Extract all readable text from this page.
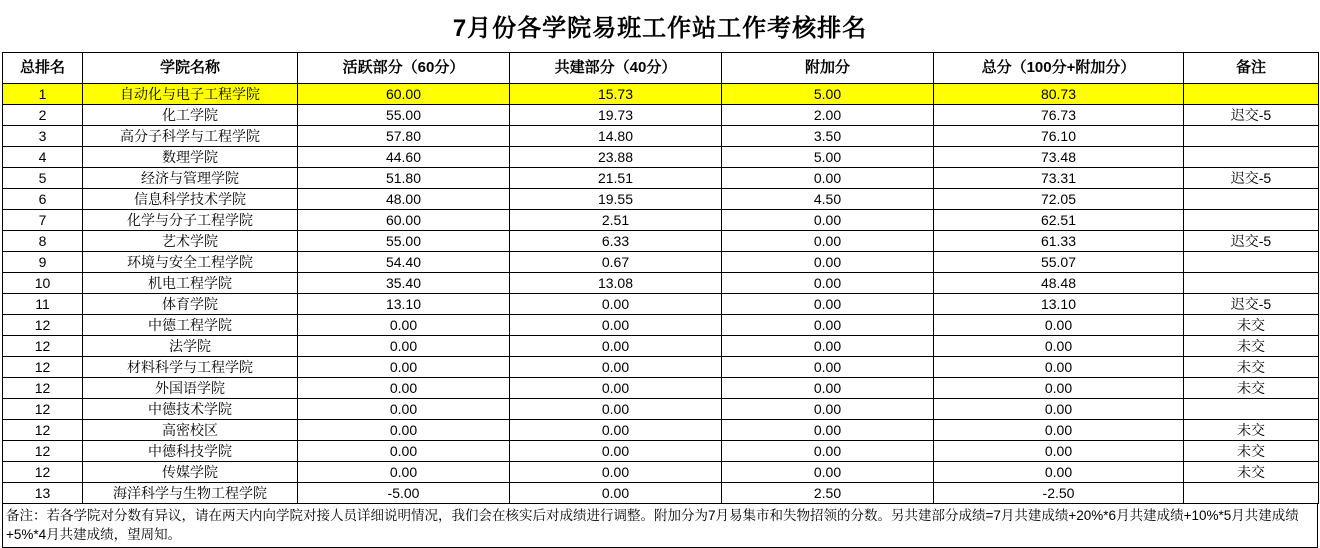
7月份各学院易班工作站工作考核排名
总排名	学院名称	活跃部分（60分）	共建部分（40分）	附加分	总分（100分+附加分）	备注
1	自动化与电子工程学院	60.00	15.73	5.00	80.73	
2	化工学院	55.00	19.73	2.00	76.73	迟交-5
3	高分子科学与工程学院	57.80	14.80	3.50	76.10	
4	数理学院	44.60	23.88	5.00	73.48	
5	经济与管理学院	51.80	21.51	0.00	73.31	迟交-5
6	信息科学技术学院	48.00	19.55	4.50	72.05	
7	化学与分子工程学院	60.00	2.51	0.00	62.51	
8	艺术学院	55.00	6.33	0.00	61.33	迟交-5
9	环境与安全工程学院	54.40	0.67	0.00	55.07	
10	机电工程学院	35.40	13.08	0.00	48.48	
11	体育学院	13.10	0.00	0.00	13.10	迟交-5
12	中德工程学院	0.00	0.00	0.00	0.00	未交
12	法学院	0.00	0.00	0.00	0.00	未交
12	材料科学与工程学院	0.00	0.00	0.00	0.00	未交
12	外国语学院	0.00	0.00	0.00	0.00	未交
12	中德技术学院	0.00	0.00	0.00	0.00	
12	高密校区	0.00	0.00	0.00	0.00	未交
12	中德科技学院	0.00	0.00	0.00	0.00	未交
12	传媒学院	0.00	0.00	0.00	0.00	未交
13	海洋科学与生物工程学院	-5.00	0.00	2.50	-2.50	
备注：若各学院对分数有异议，请在两天内向学院对接人员详细说明情况，我们会在核实后对成绩进行调整。附加分为7月易集市和失物招领的分数。另共建部分成绩=7月共建成绩+20%*6月共建成绩+10%*5月共建成绩+5%*4月共建成绩，望周知。
